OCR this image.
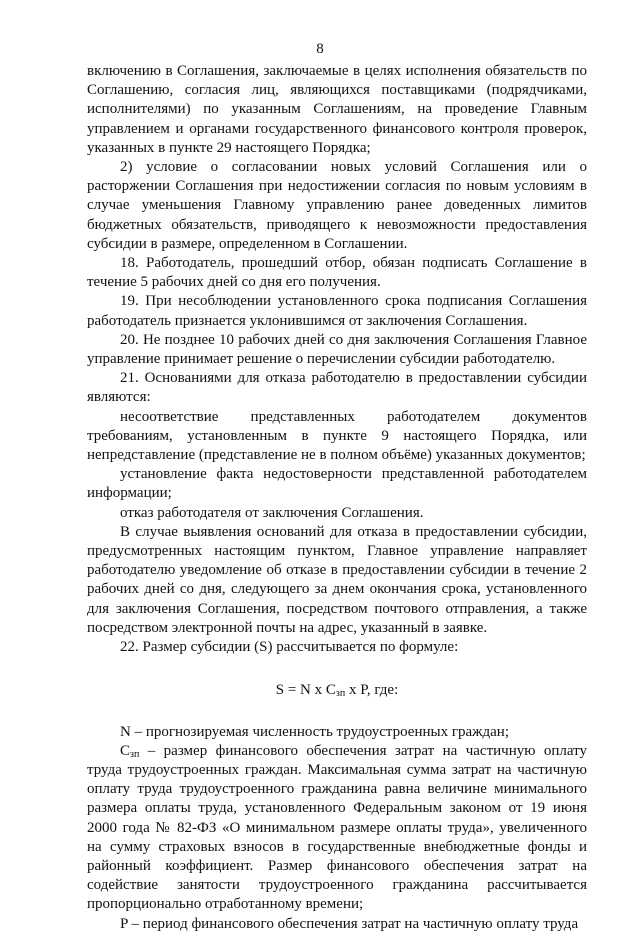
8

включению в Соглашения, заключаемые в целях исполнения обязательств по Соглашению, согласия лиц, являющихся поставщиками (подрядчиками, исполнителями) по указанным Соглашениям, на проведение Главным управлением и органами государственного финансового контроля проверок, указанных в пункте 29 настоящего Порядка;

2) условие о согласовании новых условий Соглашения или о расторжении Соглашения при недостижении согласия по новым условиям в случае уменьшения Главному управлению ранее доведенных лимитов бюджетных обязательств, приводящего к невозможности предоставления субсидии в размере, определенном в Соглашении.

18. Работодатель, прошедший отбор, обязан подписать Соглашение в течение 5 рабочих дней со дня его получения.

19. При несоблюдении установленного срока подписания Соглашения работодатель признается уклонившимся от заключения Соглашения.

20. Не позднее 10 рабочих дней со дня заключения Соглашения Главное управление принимает решение о перечислении субсидии работодателю.

21. Основаниями для отказа работодателю в предоставлении субсидии являются:

несоответствие представленных работодателем документов требованиям, установленным в пункте 9 настоящего Порядка, или непредставление (представление не в полном объёме) указанных документов;

установление факта недостоверности представленной работодателем информации;

отказ работодателя от заключения Соглашения.

В случае выявления оснований для отказа в предоставлении субсидии, предусмотренных настоящим пунктом, Главное управление направляет работодателю уведомление об отказе в предоставлении субсидии в течение 2 рабочих дней со дня, следующего за днем окончания срока, установленного для заключения Соглашения, посредством почтового отправления, а также посредством электронной почты на адрес, указанный в заявке.

22. Размер субсидии (S) рассчитывается по формуле:

S = N x $C_{зп}$ x P, где:

N – прогнозируемая численность трудоустроенных граждан;

$C_{зп}$ – размер финансового обеспечения затрат на частичную оплату труда трудоустроенных граждан. Максимальная сумма затрат на частичную оплату труда трудоустроенного гражданина равна величине минимального размера оплаты труда, установленного Федеральным законом от 19 июня 2000 года № 82-ФЗ «О минимальном размере оплаты труда», увеличенного на сумму страховых взносов в государственные внебюджетные фонды и районный коэффициент. Размер финансового обеспечения затрат на содействие занятости трудоустроенного гражданина рассчитывается пропорционально отработанному времени;

P – период финансового обеспечения затрат на частичную оплату труда
